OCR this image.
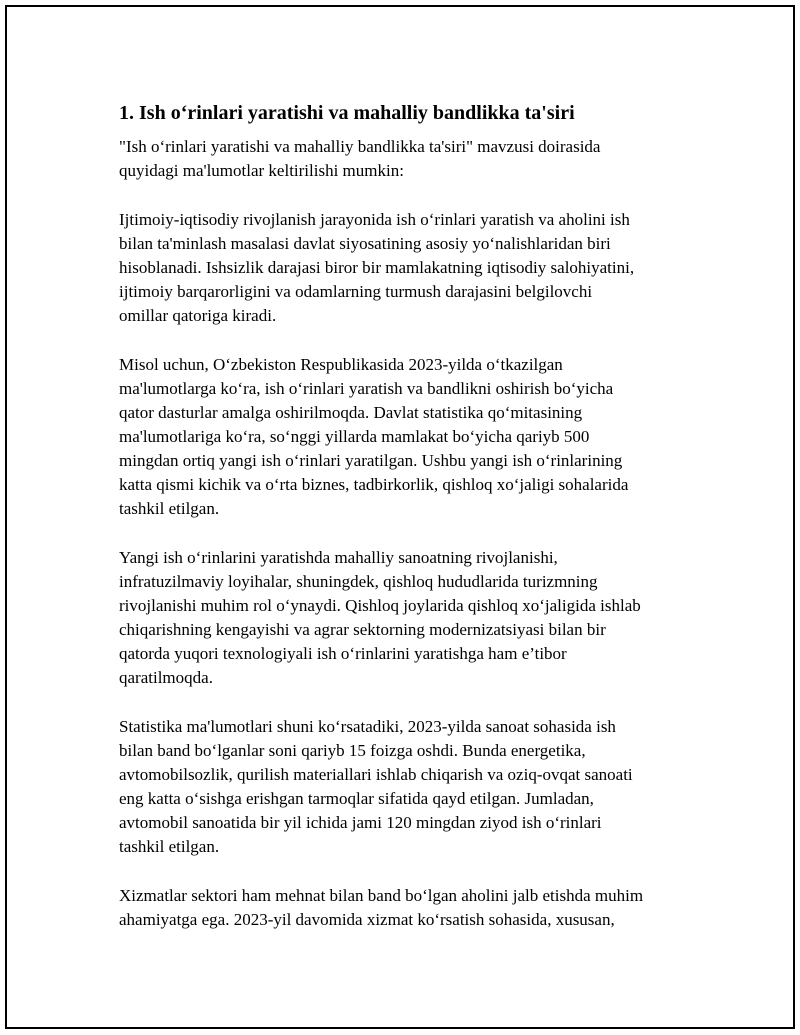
1. Ish o‘rinlari yaratishi va mahalliy bandlikka ta'siri
"Ish o‘rinlari yaratishi va mahalliy bandlikka ta'siri" mavzusi doirasida
quyidagi ma'lumotlar keltirilishi mumkin:
Ijtimoiy-iqtisodiy rivojlanish jarayonida ish o‘rinlari yaratish va aholini ish
bilan ta'minlash masalasi davlat siyosatining asosiy yo‘nalishlaridan biri
hisoblanadi. Ishsizlik darajasi biror bir mamlakatning iqtisodiy salohiyatini,
ijtimoiy barqarorligini va odamlarning turmush darajasini belgilovchi
omillar qatoriga kiradi.
Misol uchun, O‘zbekiston Respublikasida 2023-yilda o‘tkazilgan
ma'lumotlarga ko‘ra, ish o‘rinlari yaratish va bandlikni oshirish bo‘yicha
qator dasturlar amalga oshirilmoqda. Davlat statistika qo‘mitasining
ma'lumotlariga ko‘ra, so‘nggi yillarda mamlakat bo‘yicha qariyb 500
mingdan ortiq yangi ish o‘rinlari yaratilgan. Ushbu yangi ish o‘rinlarining
katta qismi kichik va o‘rta biznes, tadbirkorlik, qishloq xo‘jaligi sohalarida
tashkil etilgan.
Yangi ish o‘rinlarini yaratishda mahalliy sanoatning rivojlanishi,
infratuzilmaviy loyihalar, shuningdek, qishloq hududlarida turizmning
rivojlanishi muhim rol o‘ynaydi. Qishloq joylarida qishloq xo‘jaligida ishlab
chiqarishning kengayishi va agrar sektorning modernizatsiyasi bilan bir
qatorda yuqori texnologiyali ish o‘rinlarini yaratishga ham e’tibor
qaratilmoqda.
Statistika ma'lumotlari shuni ko‘rsatadiki, 2023-yilda sanoat sohasida ish
bilan band bo‘lganlar soni qariyb 15 foizga oshdi. Bunda energetika,
avtomobilsozlik, qurilish materiallari ishlab chiqarish va oziq-ovqat sanoati
eng katta o‘sishga erishgan tarmoqlar sifatida qayd etilgan. Jumladan,
avtomobil sanoatida bir yil ichida jami 120 mingdan ziyod ish o‘rinlari
tashkil etilgan.
Xizmatlar sektori ham mehnat bilan band bo‘lgan aholini jalb etishda muhim
ahamiyatga ega. 2023-yil davomida xizmat ko‘rsatish sohasida, xususan,
